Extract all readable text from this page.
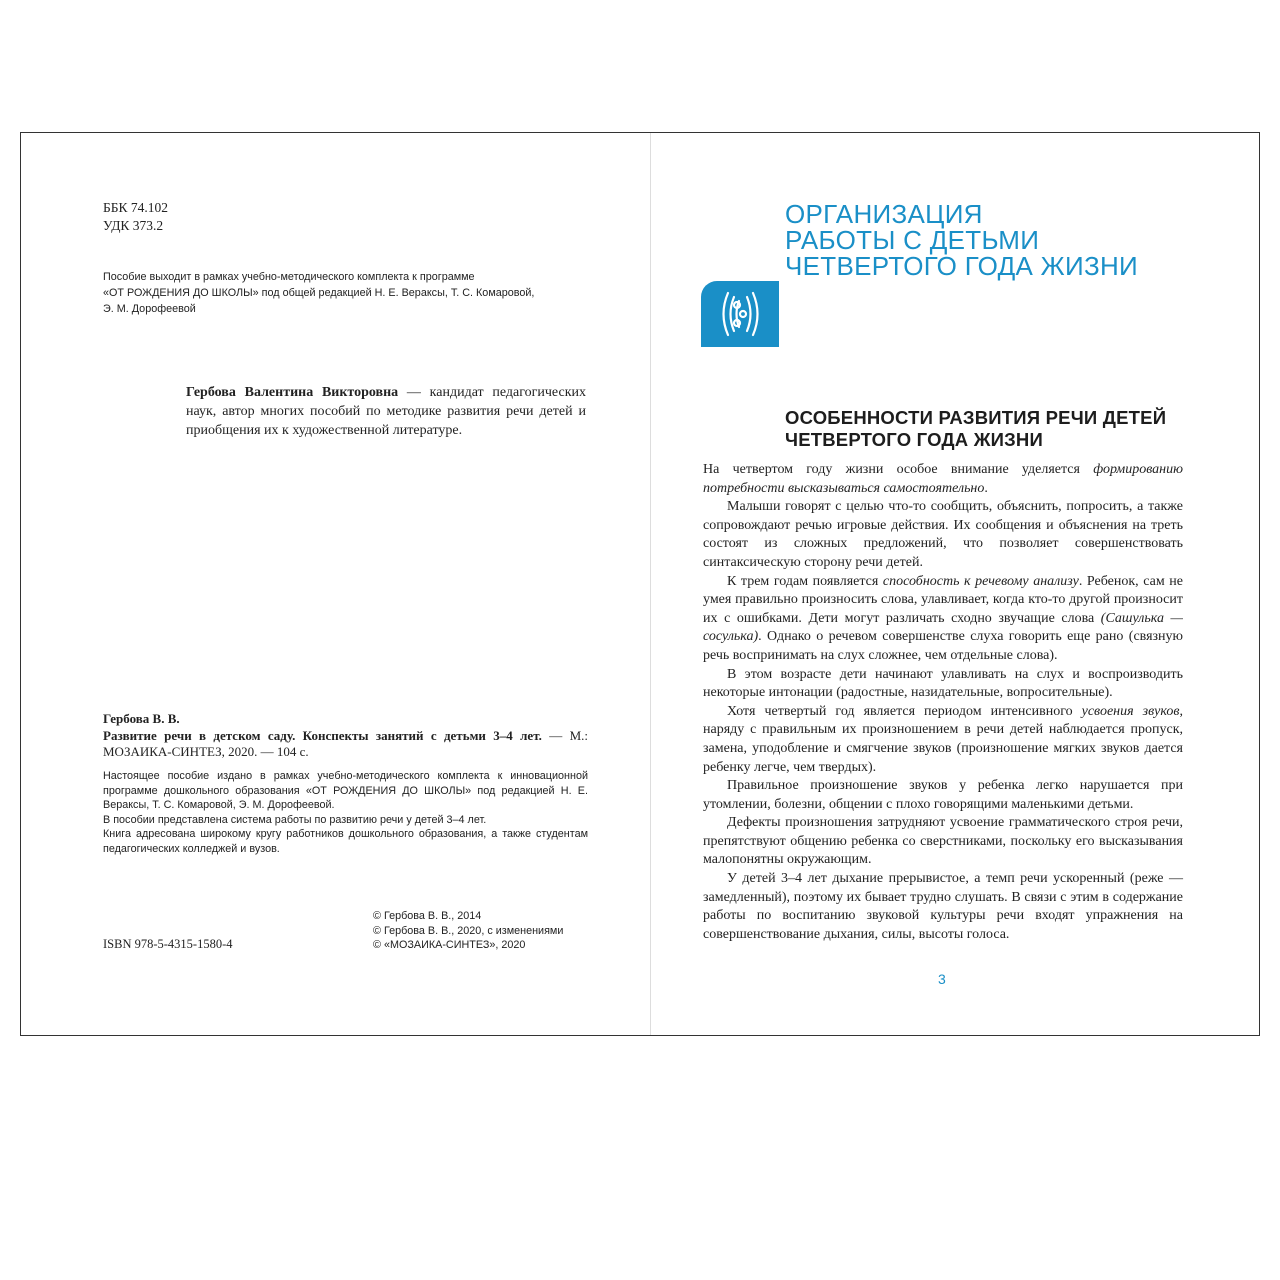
ББК 74.102
УДК 373.2
Пособие выходит в рамках учебно-методического комплекта к программе
«ОТ РОЖДЕНИЯ ДО ШКОЛЫ» под общей редакцией Н. Е. Вераксы, Т. С. Комаровой,
Э. М. Дорофеевой
Гербова Валентина Викторовна — кандидат педагогических наук, автор многих пособий по методике развития речи детей и приобщения их к художественной литературе.
Гербова В. В.
Развитие речи в детском саду. Конспекты занятий с детьми 3–4 лет. — М.: МОЗАИКА-СИНТЕЗ, 2020. — 104 с.

Настоящее пособие издано в рамках учебно-методического комплекта к инновационной программе дошкольного образования «ОТ РОЖДЕНИЯ ДО ШКОЛЫ» под редакцией Н. Е. Вераксы, Т. С. Комаровой, Э. М. Дорофеевой.

В пособии представлена система работы по развитию речи у детей 3–4 лет.

Книга адресована широкому кругу работников дошкольного образования, а также студентам педагогических колледжей и вузов.

ISBN 978-5-4315-1580-4
© Гербова В. В., 2014
© Гербова В. В., 2020, с изменениями
© «МОЗАИКА-СИНТЕЗ», 2020
ОРГАНИЗАЦИЯ
РАБОТЫ С ДЕТЬМИ
ЧЕТВЕРТОГО ГОДА ЖИЗНИ
ОСОБЕННОСТИ РАЗВИТИЯ РЕЧИ ДЕТЕЙ
ЧЕТВЕРТОГО ГОДА ЖИЗНИ

На четвертом году жизни особое внимание уделяется формированию потребности высказываться самостоятельно.

Малыши говорят с целью что-то сообщить, объяснить, попросить, а также сопровождают речью игровые действия. Их сообщения и объяснения на треть состоят из сложных предложений, что позволяет совершенствовать синтаксическую сторону речи детей.

К трем годам появляется способность к речевому анализу. Ребенок, сам не умея правильно произносить слова, улавливает, когда кто-то другой произносит их с ошибками. Дети могут различать сходно звучащие слова (Сашулька — сосулька). Однако о речевом совершенстве слуха говорить еще рано (связную речь воспринимать на слух сложнее, чем отдельные слова).

В этом возрасте дети начинают улавливать на слух и воспроизводить некоторые интонации (радостные, назидательные, вопросительные).

Хотя четвертый год является периодом интенсивного усвоения звуков, наряду с правильным их произношением в речи детей наблюдается пропуск, замена, уподобление и смягчение звуков (произношение мягких звуков дается ребенку легче, чем твердых).

Правильное произношение звуков у ребенка легко нарушается при утомлении, болезни, общении с плохо говорящими маленькими детьми.

Дефекты произношения затрудняют усвоение грамматического строя речи, препятствуют общению ребенка со сверстниками, поскольку его высказывания малопонятны окружающим.

У детей 3–4 лет дыхание прерывистое, а темп речи ускоренный (реже — замедленный), поэтому их бывает трудно слушать. В связи с этим в содержание работы по воспитанию звуковой культуры речи входят упражнения на совершенствование дыхания, силы, высоты голоса.

3
